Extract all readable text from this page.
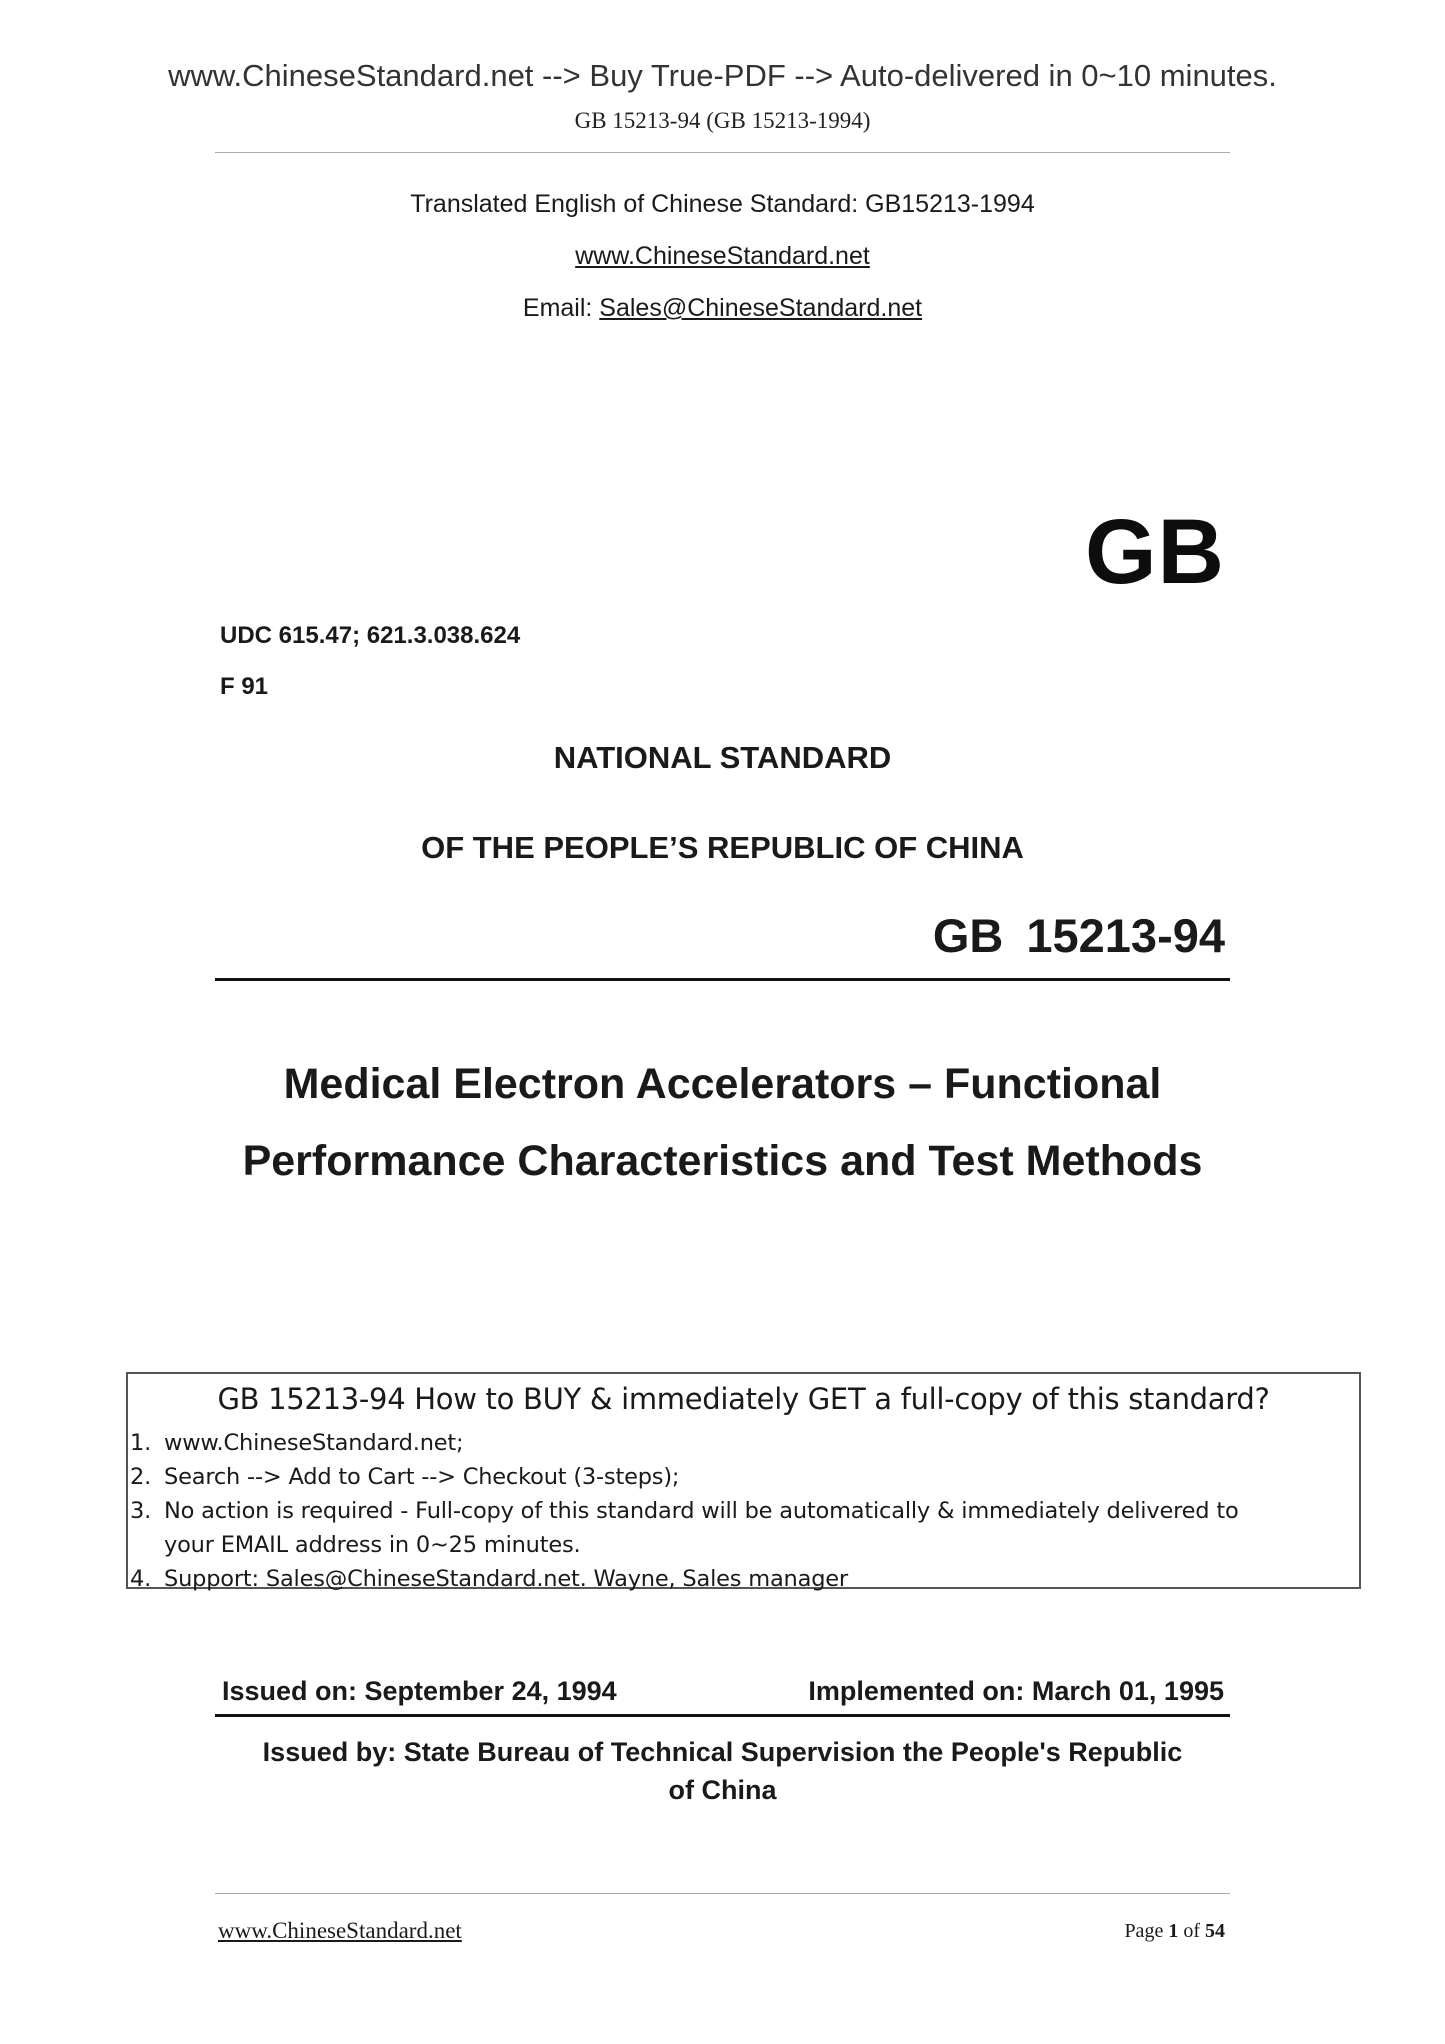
www.ChineseStandard.net --> Buy True-PDF --> Auto-delivered in 0~10 minutes.
GB 15213-94 (GB 15213-1994)
Translated English of Chinese Standard: GB15213-1994
www.ChineseStandard.net
Email: Sales@ChineseStandard.net
GB
UDC 615.47; 621.3.038.624
F 91
NATIONAL STANDARD
OF THE PEOPLE’S REPUBLIC OF CHINA
GB 15213-94
Medical Electron Accelerators – Functional
Performance Characteristics and Test Methods
GB 15213-94 How to BUY & immediately GET a full-copy of this standard?
1. www.ChineseStandard.net;
2. Search --> Add to Cart --> Checkout (3-steps);
3. No action is required - Full-copy of this standard will be automatically & immediately delivered to
your EMAIL address in 0~25 minutes.
4. Support: Sales@ChineseStandard.net. Wayne, Sales manager
Issued on: September 24, 1994	Implemented on: March 01, 1995
Issued by: State Bureau of Technical Supervision the People's Republic
of China
www.ChineseStandard.net	Page 1 of 54
